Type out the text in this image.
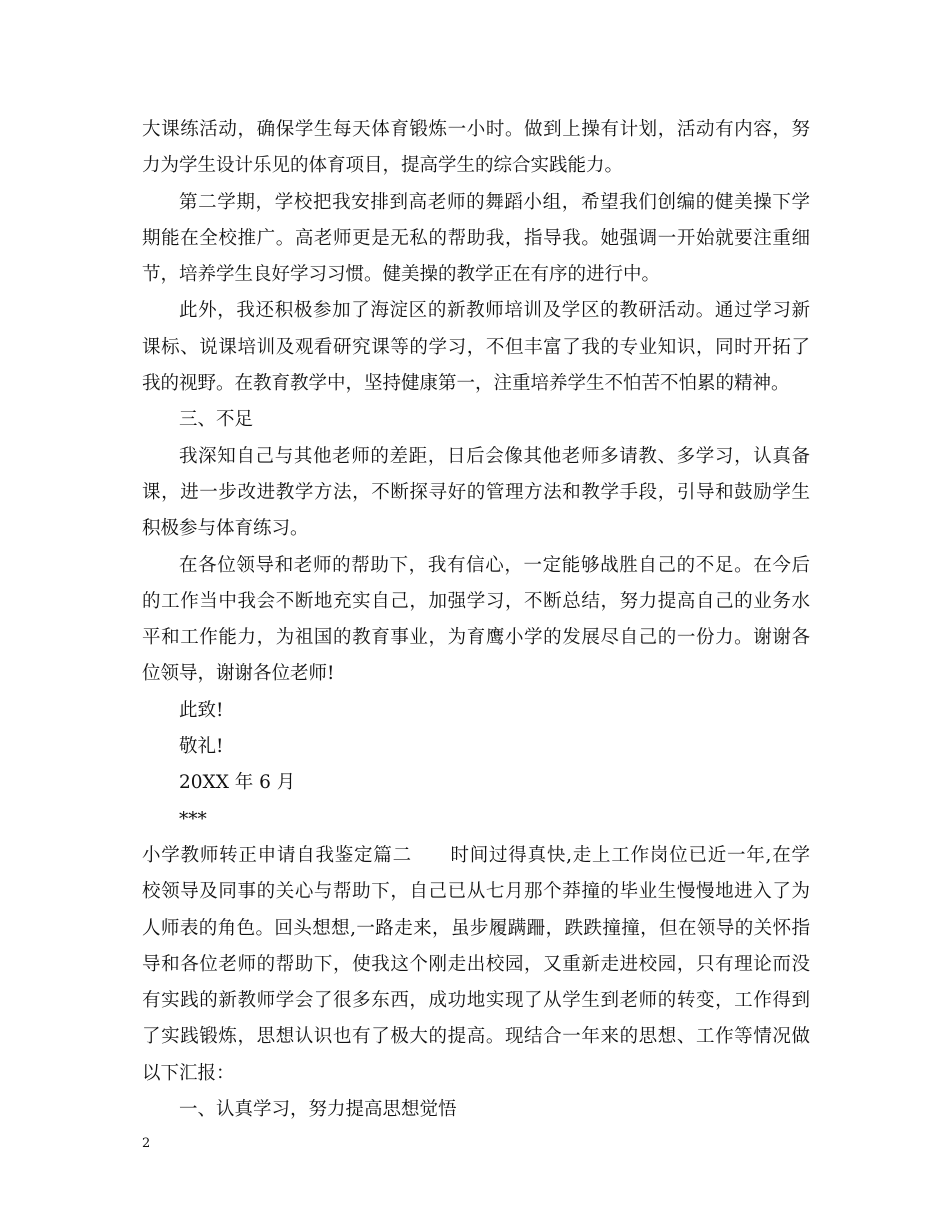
大课练活动，确保学生每天体育锻炼一小时。做到上操有计划，活动有内容，努
力为学生设计乐见的体育项目，提高学生的综合实践能力。
第二学期，学校把我安排到高老师的舞蹈小组，希望我们创编的健美操下学
期能在全校推广。高老师更是无私的帮助我，指导我。她强调一开始就要注重细
节，培养学生良好学习习惯。健美操的教学正在有序的进行中。
此外，我还积极参加了海淀区的新教师培训及学区的教研活动。通过学习新
课标、说课培训及观看研究课等的学习，不但丰富了我的专业知识，同时开拓了
我的视野。在教育教学中，坚持健康第一，注重培养学生不怕苦不怕累的精神。
三、不足
我深知自己与其他老师的差距，日后会像其他老师多请教、多学习，认真备
课，进一步改进教学方法，不断探寻好的管理方法和教学手段，引导和鼓励学生
积极参与体育练习。
在各位领导和老师的帮助下，我有信心，一定能够战胜自己的不足。在今后
的工作当中我会不断地充实自己，加强学习，不断总结，努力提高自己的业务水
平和工作能力，为祖国的教育事业，为育鹰小学的发展尽自己的一份力。谢谢各
位领导，谢谢各位老师!
此致!
敬礼!
20XX 年 6 月
***
小学教师转正申请自我鉴定篇二　　时间过得真快,走上工作岗位已近一年,在学
校领导及同事的关心与帮助下，自己已从七月那个莽撞的毕业生慢慢地进入了为
人师表的角色。回头想想,一路走来，虽步履蹒跚，跌跌撞撞，但在领导的关怀指
导和各位老师的帮助下，使我这个刚走出校园，又重新走进校园，只有理论而没
有实践的新教师学会了很多东西，成功地实现了从学生到老师的转变，工作得到
了实践锻炼，思想认识也有了极大的提高。现结合一年来的思想、工作等情况做
以下汇报：
一、认真学习，努力提高思想觉悟
2
